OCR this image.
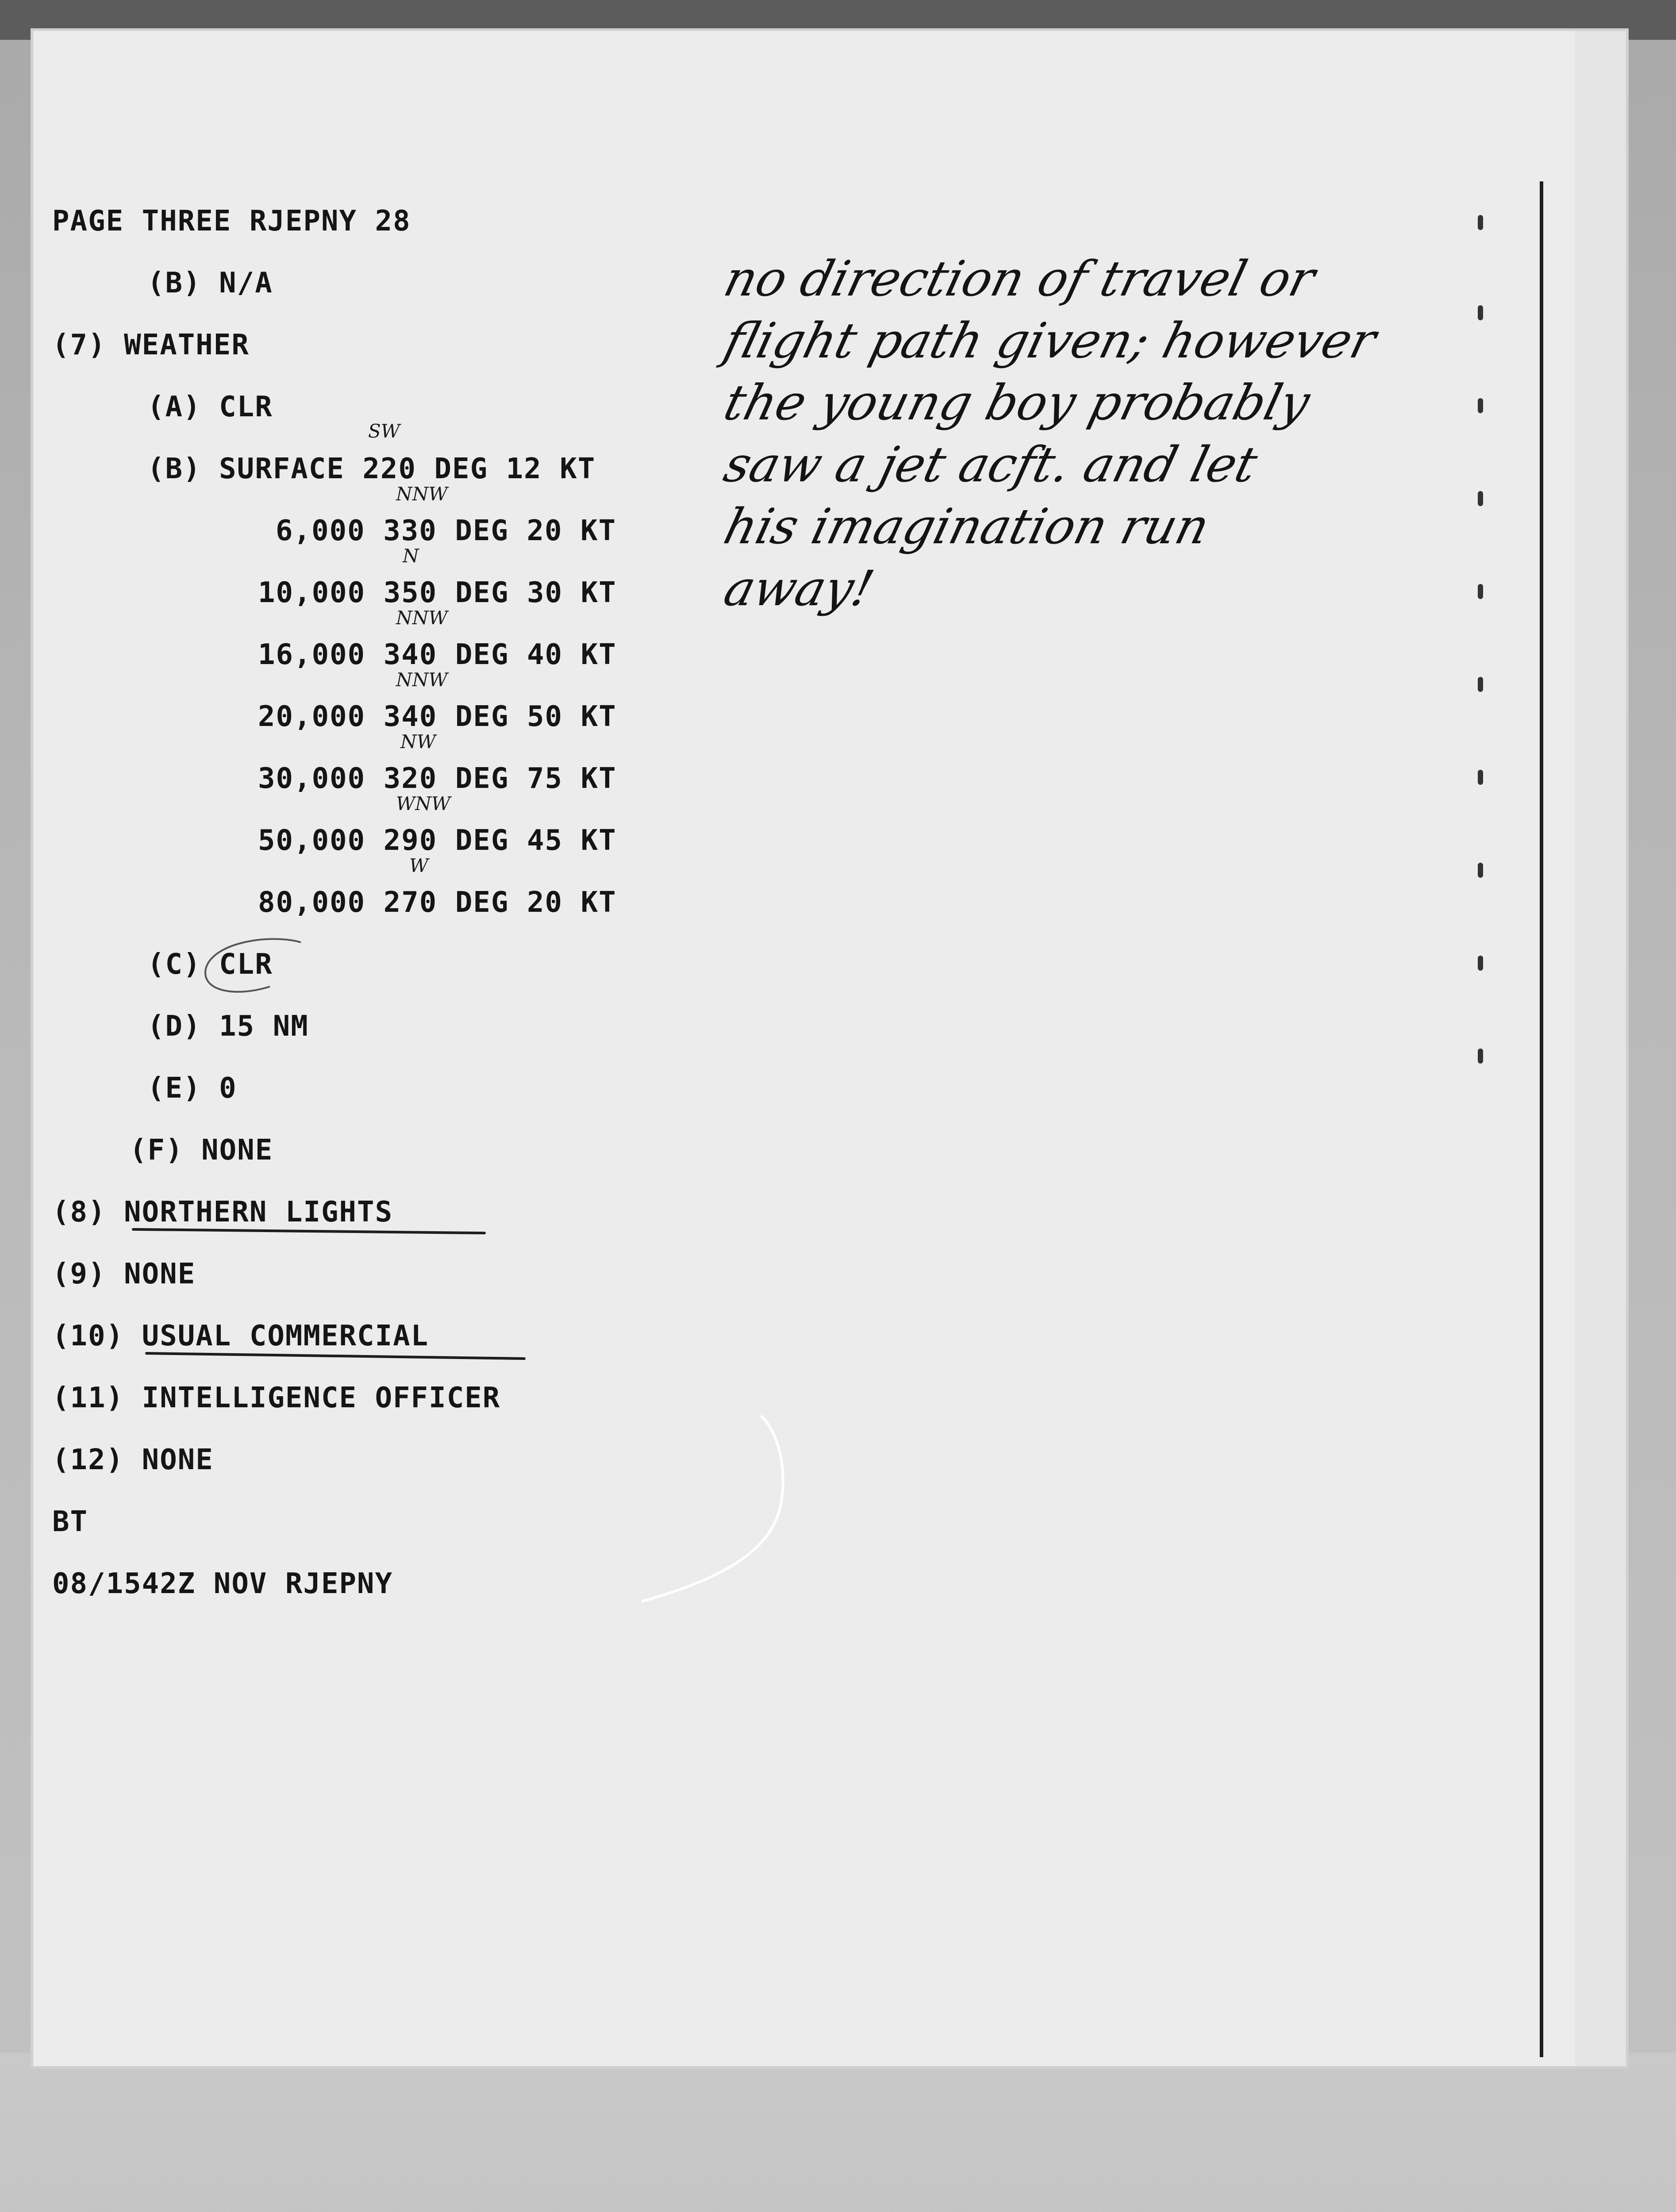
PAGE THREE RJEPNY 28
(B) N/A
(7) WEATHER
(A) CLR
(B) SURFACE 220 DEG 12 KT
6,000 330 DEG 20 KT
10,000 350 DEG 30 KT
16,000 340 DEG 40 KT
20,000 340 DEG 50 KT
30,000 320 DEG 75 KT
50,000 290 DEG 45 KT
80,000 270 DEG 20 KT
(C) CLR
(D) 15 NM
(E) 0
(F) NONE
(8) NORTHERN LIGHTS
(9) NONE
(10) USUAL COMMERCIAL
(11) INTELLIGENCE OFFICER
(12) NONE
BT
08/1542Z NOV RJEPNY
SW
NNW
N
NNW
NNW
NW
WNW
W
no direction of travel or
flight path given; however
the young boy probably
saw a jet acft. and let
his imagination run
away!
